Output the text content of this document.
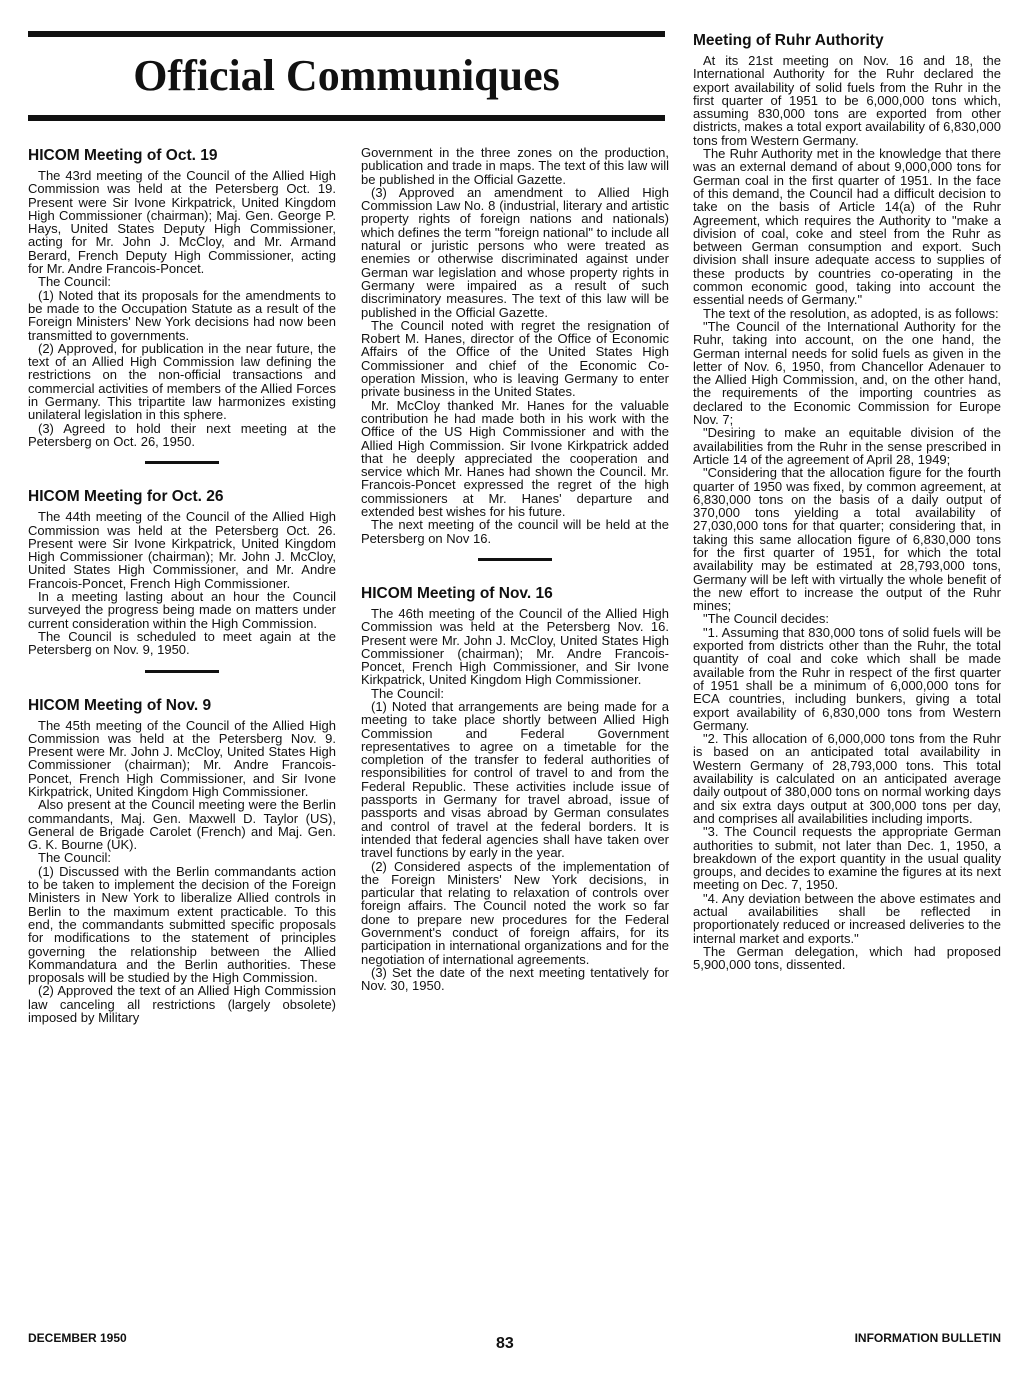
Official Communiques
HICOM Meeting of Oct. 19

The 43rd meeting of the Council of the Allied High Commission was held at the Petersberg Oct. 19. Present were Sir Ivone Kirkpatrick, United Kingdom High Commissioner (chairman); Maj. Gen. George P. Hays, United States Deputy High Commissioner, acting for Mr. John J. McCloy, and Mr. Armand Berard, French Deputy High Commissioner, acting for Mr. Andre Francois-Poncet.

The Council:

(1) Noted that its proposals for the amendments to be made to the Occupation Statute as a result of the Foreign Ministers' New York decisions had now been transmitted to governments.

(2) Approved, for publication in the near future, the text of an Allied High Commission law defining the restrictions on the non-official transactions and commercial activities of members of the Allied Forces in Germany. This tripartite law harmonizes existing unilateral legislation in this sphere.

(3) Agreed to hold their next meeting at the Petersberg on Oct. 26, 1950.

HICOM Meeting for Oct. 26

The 44th meeting of the Council of the Allied High Commission was held at the Petersberg Oct. 26. Present were Sir Ivone Kirkpatrick, United Kingdom High Commissioner (chairman); Mr. John J. McCloy, United States High Commissioner, and Mr. Andre Francois-Poncet, French High Commissioner.

In a meeting lasting about an hour the Council surveyed the progress being made on matters under current consideration within the High Commission.

The Council is scheduled to meet again at the Petersberg on Nov. 9, 1950.

HICOM Meeting of Nov. 9

The 45th meeting of the Council of the Allied High Commission was held at the Petersberg Nov. 9. Present were Mr. John J. McCloy, United States High Commissioner (chairman); Mr. Andre Francois-Poncet, French High Commissioner, and Sir Ivone Kirkpatrick, United Kingdom High Commissioner.

Also present at the Council meeting were the Berlin commandants, Maj. Gen. Maxwell D. Taylor (US), General de Brigade Carolet (French) and Maj. Gen. G. K. Bourne (UK).

The Council:

(1) Discussed with the Berlin commandants action to be taken to implement the decision of the Foreign Ministers in New York to liberalize Allied controls in Berlin to the maximum extent practicable. To this end, the commandants submitted specific proposals for modifications to the statement of principles governing the relationship between the Allied Kommandatura and the Berlin authorities. These proposals will be studied by the High Commission.

(2) Approved the text of an Allied High Commission law canceling all restrictions (largely obsolete) imposed by Military

Government in the three zones on the production, publication and trade in maps. The text of this law will be published in the Official Gazette.

(3) Approved an amendment to Allied High Commission Law No. 8 (industrial, literary and artistic property rights of foreign nations and nationals) which defines the term "foreign national" to include all natural or juristic persons who were treated as enemies or otherwise discriminated against under German war legislation and whose property rights in Germany were impaired as a result of such discriminatory measures. The text of this law will be published in the Official Gazette.

The Council noted with regret the resignation of Robert M. Hanes, director of the Office of Economic Affairs of the Office of the United States High Commissioner and chief of the Economic Co-operation Mission, who is leaving Germany to enter private business in the United States.

Mr. McCloy thanked Mr. Hanes for the valuable contribution he had made both in his work with the Office of the US High Commissioner and with the Allied High Commission. Sir Ivone Kirkpatrick added that he deeply appreciated the cooperation and service which Mr. Hanes had shown the Council. Mr. Francois-Poncet expressed the regret of the high commissioners at Mr. Hanes' departure and extended best wishes for his future.

The next meeting of the council will be held at the Petersberg on Nov 16.

HICOM Meeting of Nov. 16

The 46th meeting of the Council of the Allied High Commission was held at the Petersberg Nov. 16. Present were Mr. John J. McCloy, United States High Commissioner (chairman); Mr. Andre Francois-Poncet, French High Commissioner, and Sir Ivone Kirkpatrick, United Kingdom High Commissioner.

The Council:

(1) Noted that arrangements are being made for a meeting to take place shortly between Allied High Commission and Federal Government representatives to agree on a timetable for the completion of the transfer to federal authorities of responsibilities for control of travel to and from the Federal Republic. These activities include issue of passports in Germany for travel abroad, issue of passports and visas abroad by German consulates and control of travel at the federal borders. It is intended that federal agencies shall have taken over travel functions by early in the year.

(2) Considered aspects of the implementation of the Foreign Ministers' New York decisions, in particular that relating to relaxation of controls over foreign affairs. The Council noted the work so far done to prepare new procedures for the Federal Government's conduct of foreign affairs, for its participation in international organizations and for the negotiation of international agreements.

(3) Set the date of the next meeting tentatively for Nov. 30, 1950.

Meeting of Ruhr Authority

At its 21st meeting on Nov. 16 and 18, the International Authority for the Ruhr declared the export availability of solid fuels from the Ruhr in the first quarter of 1951 to be 6,000,000 tons which, assuming 830,000 tons are exported from other districts, makes a total export availability of 6,830,000 tons from Western Germany.

The Ruhr Authority met in the knowledge that there was an external demand of about 9,000,000 tons for German coal in the first quarter of 1951. In the face of this demand, the Council had a difficult decision to take on the basis of Article 14(a) of the Ruhr Agreement, which requires the Authority to "make a division of coal, coke and steel from the Ruhr as between German consumption and export. Such division shall insure adequate access to supplies of these products by countries co-operating in the common economic good, taking into account the essential needs of Germany."

The text of the resolution, as adopted, is as follows:

"The Council of the International Authority for the Ruhr, taking into account, on the one hand, the German internal needs for solid fuels as given in the letter of Nov. 6, 1950, from Chancellor Adenauer to the Allied High Commission, and, on the other hand, the requirements of the importing countries as declared to the Economic Commission for Europe Nov. 7;

"Desiring to make an equitable division of the availabilities from the Ruhr in the sense prescribed in Article 14 of the agreement of April 28, 1949;

"Considering that the allocation figure for the fourth quarter of 1950 was fixed, by common agreement, at 6,830,000 tons on the basis of a daily output of 370,000 tons yielding a total availability of 27,030,000 tons for that quarter; considering that, in taking this same allocation figure of 6,830,000 tons for the first quarter of 1951, for which the total availability may be estimated at 28,793,000 tons, Germany will be left with virtually the whole benefit of the new effort to increase the output of the Ruhr mines;

"The Council decides:

"1. Assuming that 830,000 tons of solid fuels will be exported from districts other than the Ruhr, the total quantity of coal and coke which shall be made available from the Ruhr in respect of the first quarter of 1951 shall be a minimum of 6,000,000 tons for ECA countries, including bunkers, giving a total export availability of 6,830,000 tons from Western Germany.

"2. This allocation of 6,000,000 tons from the Ruhr is based on an anticipated total availability in Western Germany of 28,793,000 tons. This total availability is calculated on an anticipated average daily outpout of 380,000 tons on normal working days and six extra days output at 300,000 tons per day, and comprises all availabilities including imports.

"3. The Council requests the appropriate German authorities to submit, not later than Dec. 1, 1950, a breakdown of the export quantity in the usual quality groups, and decides to examine the figures at its next meeting on Dec. 7, 1950.

"4. Any deviation between the above estimates and actual availabilities shall be reflected in proportionately reduced or increased deliveries to the internal market and exports."

The German delegation, which had proposed 5,900,000 tons, dissented.

DECEMBER 1950	83	INFORMATION BULLETIN
